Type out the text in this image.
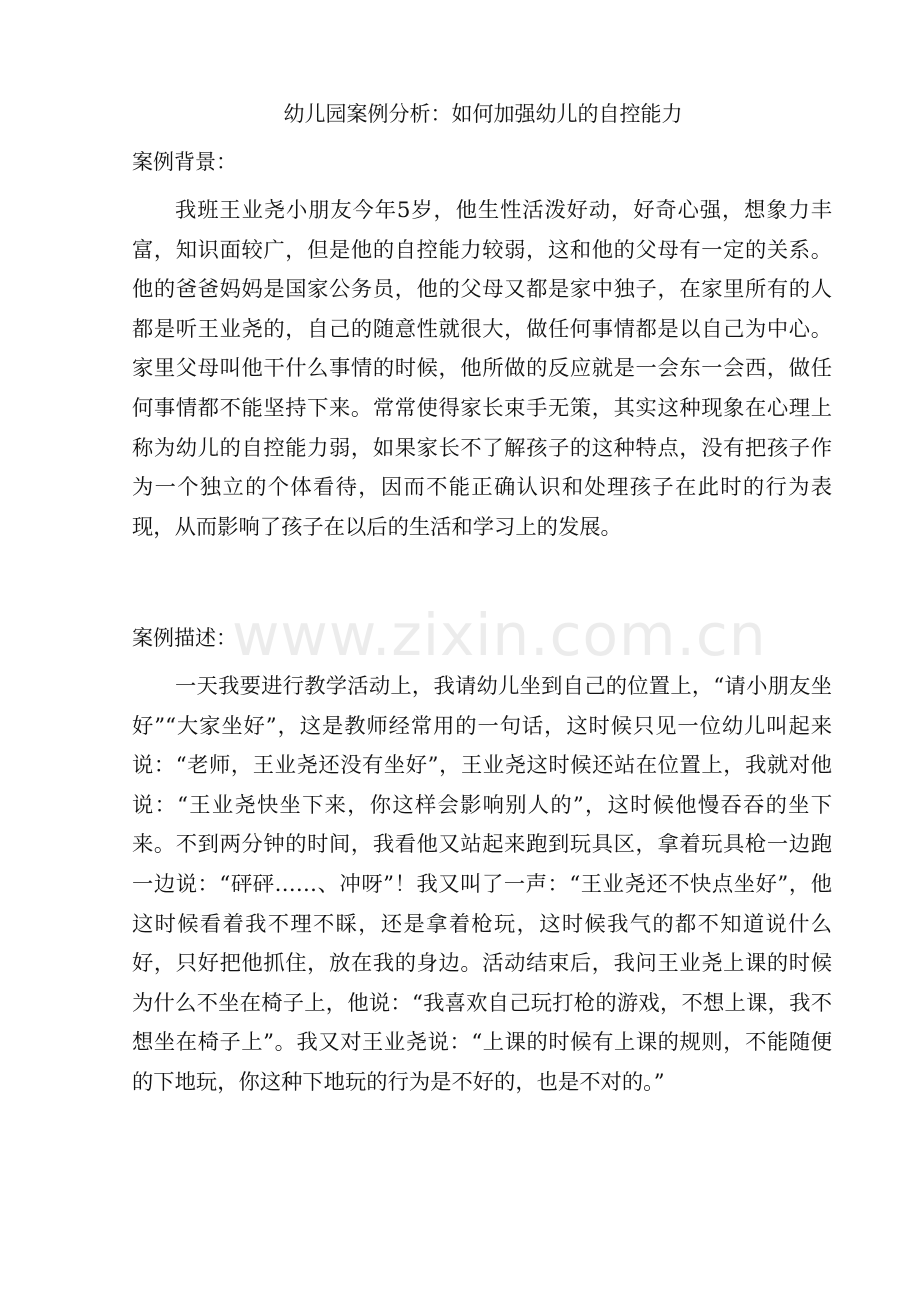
幼儿园案例分析：如何加强幼儿的自控能力
案例背景：

我班王业尧小朋友今年5岁，他生性活泼好动，好奇心强，想象力丰富，知识面较广，但是他的自控能力较弱，这和他的父母有一定的关系。他的爸爸妈妈是国家公务员，他的父母又都是家中独子，在家里所有的人都是听王业尧的，自己的随意性就很大，做任何事情都是以自己为中心。家里父母叫他干什么事情的时候，他所做的反应就是一会东一会西，做任何事情都不能坚持下来。常常使得家长束手无策，其实这种现象在心理上称为幼儿的自控能力弱，如果家长不了解孩子的这种特点，没有把孩子作为一个独立的个体看待，因而不能正确认识和处理孩子在此时的行为表现，从而影响了孩子在以后的生活和学习上的发展。

案例描述：

一天我要进行教学活动上，我请幼儿坐到自己的位置上，“请小朋友坐好”“大家坐好”，这是教师经常用的一句话，这时候只见一位幼儿叫起来说：“老师，王业尧还没有坐好”，王业尧这时候还站在位置上，我就对他说：“王业尧快坐下来，你这样会影响别人的”，这时候他慢吞吞的坐下来。不到两分钟的时间，我看他又站起来跑到玩具区，拿着玩具枪一边跑一边说：“砰砰……、冲呀”！我又叫了一声：“王业尧还不快点坐好”，他这时候看着我不理不睬，还是拿着枪玩，这时候我气的都不知道说什么好，只好把他抓住，放在我的身边。活动结束后，我问王业尧上课的时候为什么不坐在椅子上，他说：“我喜欢自己玩打枪的游戏，不想上课，我不想坐在椅子上”。我又对王业尧说：“上课的时候有上课的规则，不能随便的下地玩，你这种下地玩的行为是不好的，也是不对的。”

www.zixin.com.cn
